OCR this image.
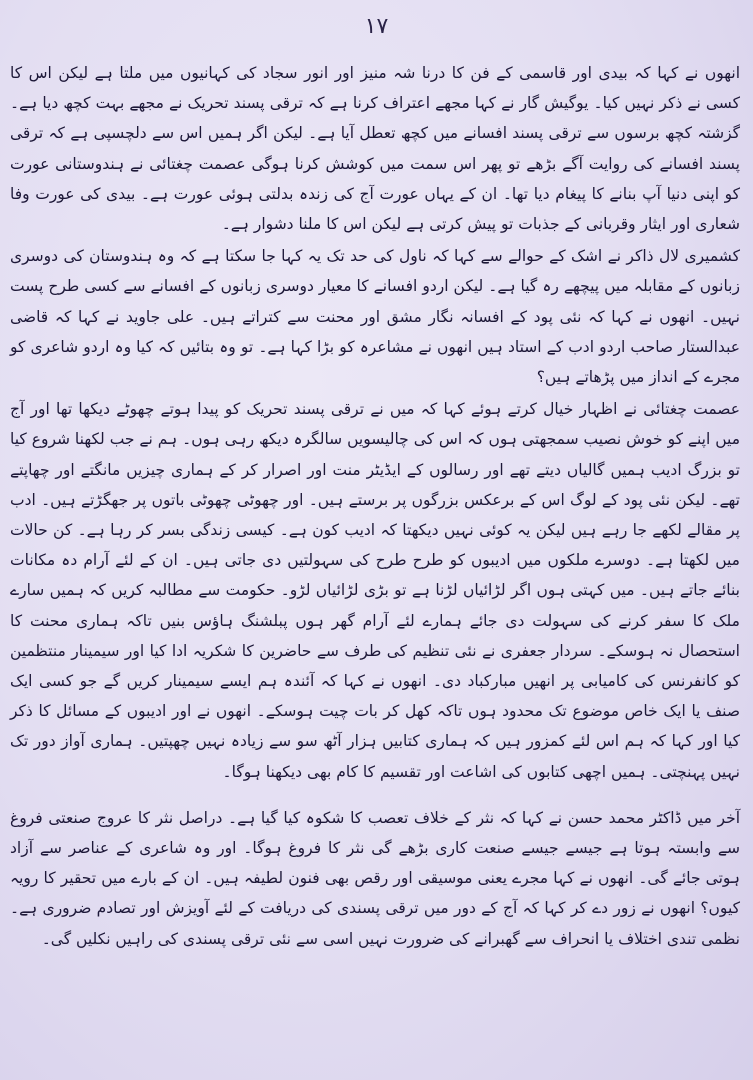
١٧

انھوں نے کہا کہ بیدی اور قاسمی کے فن کا درنا شہ منیز اور انور سجاد کی کہانیوں میں ملتا ہے لیکن اس کا کسی نے ذکر نہیں کیا۔ یوگیش گار نے کہا مجھے اعتراف کرنا ہے کہ ترقی پسند تحریک نے مجھے بہت کچھ دیا ہے۔ گزشتہ کچھ برسوں سے ترقی پسند افسانے میں کچھ تعطل آیا ہے۔ لیکن اگر ہمیں اس سے دلچسپی ہے کہ ترقی پسند افسانے کی روایت آگے بڑھے تو پھر اس سمت میں کوشش کرنا ہوگی عصمت چغتائی نے ہندوستانی عورت کو اپنی دنیا آپ بنانے کا پیغام دیا تھا۔ ان کے یہاں عورت آج کی زندہ بدلتی ہوئی عورت ہے۔ بیدی کی عورت وفا شعاری اور ایثار وقربانی کے جذبات تو پیش کرتی ہے لیکن اس کا ملنا دشوار ہے۔

کشمیری لال ذاکر نے اشک کے حوالے سے کہا کہ ناول کی حد تک یہ کہا جا سکتا ہے کہ وہ ہندوستان کی دوسری زبانوں کے مقابلہ میں پیچھے رہ گیا ہے۔ لیکن اردو افسانے کا معیار دوسری زبانوں کے افسانے سے کسی طرح پست نہیں۔ انھوں نے کہا کہ نئی پود کے افسانہ نگار مشق اور محنت سے کتراتے ہیں۔ علی جاوید نے کہا کہ قاضی عبدالستار صاحب اردو ادب کے استاد ہیں انھوں نے مشاعرہ کو بڑا کہا ہے۔ تو وہ بتائیں کہ کیا وہ اردو شاعری کو مجرے کے انداز میں پڑھاتے ہیں؟

عصمت چغتائی نے اظہار خیال کرتے ہوئے کہا کہ میں نے ترقی پسند تحریک کو پیدا ہوتے چھوٹے دیکھا تھا اور آج میں اپنے کو خوش نصیب سمجھتی ہوں کہ اس کی چالیسویں سالگرہ دیکھ رہی ہوں۔ ہم نے جب لکھنا شروع کیا تو بزرگ ادیب ہمیں گالیاں دیتے تھے اور رسالوں کے ایڈیٹر منت اور اصرار کر کے ہماری چیزیں مانگتے اور چھاپتے تھے۔ لیکن نئی پود کے لوگ اس کے برعکس بزرگوں پر برستے ہیں۔ اور چھوٹی چھوٹی باتوں پر جھگڑتے ہیں۔ ادب پر مقالے لکھے جا رہے ہیں لیکن یہ کوئی نہیں دیکھتا کہ ادیب کون ہے۔ کیسی زندگی بسر کر رہا ہے۔ کن حالات میں لکھتا ہے۔ دوسرے ملکوں میں ادیبوں کو طرح طرح کی سہولتیں دی جاتی ہیں۔ ان کے لئے آرام دہ مکانات بنائے جاتے ہیں۔ میں کہتی ہوں اگر لڑائیاں لڑنا ہے تو بڑی لڑائیاں لڑو۔ حکومت سے مطالبہ کریں کہ ہمیں سارے ملک کا سفر کرنے کی سہولت دی جائے ہمارے لئے آرام گھر ہوں پبلشنگ ہاؤس بنیں تاکہ ہماری محنت کا استحصال نہ ہوسکے۔ سردار جعفری نے نئی تنظیم کی طرف سے حاضرین کا شکریہ ادا کیا اور سیمینار منتظمین کو کانفرنس کی کامیابی پر انھیں مبارکباد دی۔ انھوں نے کہا کہ آئندہ ہم ایسے سیمینار کریں گے جو کسی ایک صنف یا ایک خاص موضوع تک محدود ہوں تاکہ کھل کر بات چیت ہوسکے۔ انھوں نے اور ادیبوں کے مسائل کا ذکر کیا اور کہا کہ ہم اس لئے کمزور ہیں کہ ہماری کتابیں ہزار آٹھ سو سے زیادہ نہیں چھپتیں۔ ہماری آواز دور تک نہیں پہنچتی۔ ہمیں اچھی کتابوں کی اشاعت اور تقسیم کا کام بھی دیکھنا ہوگا۔

آخر میں ڈاکٹر محمد حسن نے کہا کہ نثر کے خلاف تعصب کا شکوہ کیا گیا ہے۔ دراصل نثر کا عروج صنعتی فروغ سے وابستہ ہوتا ہے جیسے جیسے صنعت کاری بڑھے گی نثر کا فروغ ہوگا۔ اور وہ شاعری کے عناصر سے آزاد ہوتی جائے گی۔ انھوں نے کہا مجرے یعنی موسیقی اور رقص بھی فنون لطیفہ ہیں۔ ان کے بارے میں تحقیر کا رویہ کیوں؟ انھوں نے زور دے کر کہا کہ آج کے دور میں ترقی پسندی کی دریافت کے لئے آویزش اور تصادم ضروری ہے۔ نظمی تندی اختلاف یا انحراف سے گھبرانے کی ضرورت نہیں اسی سے نئی ترقی پسندی کی راہیں نکلیں گی۔
